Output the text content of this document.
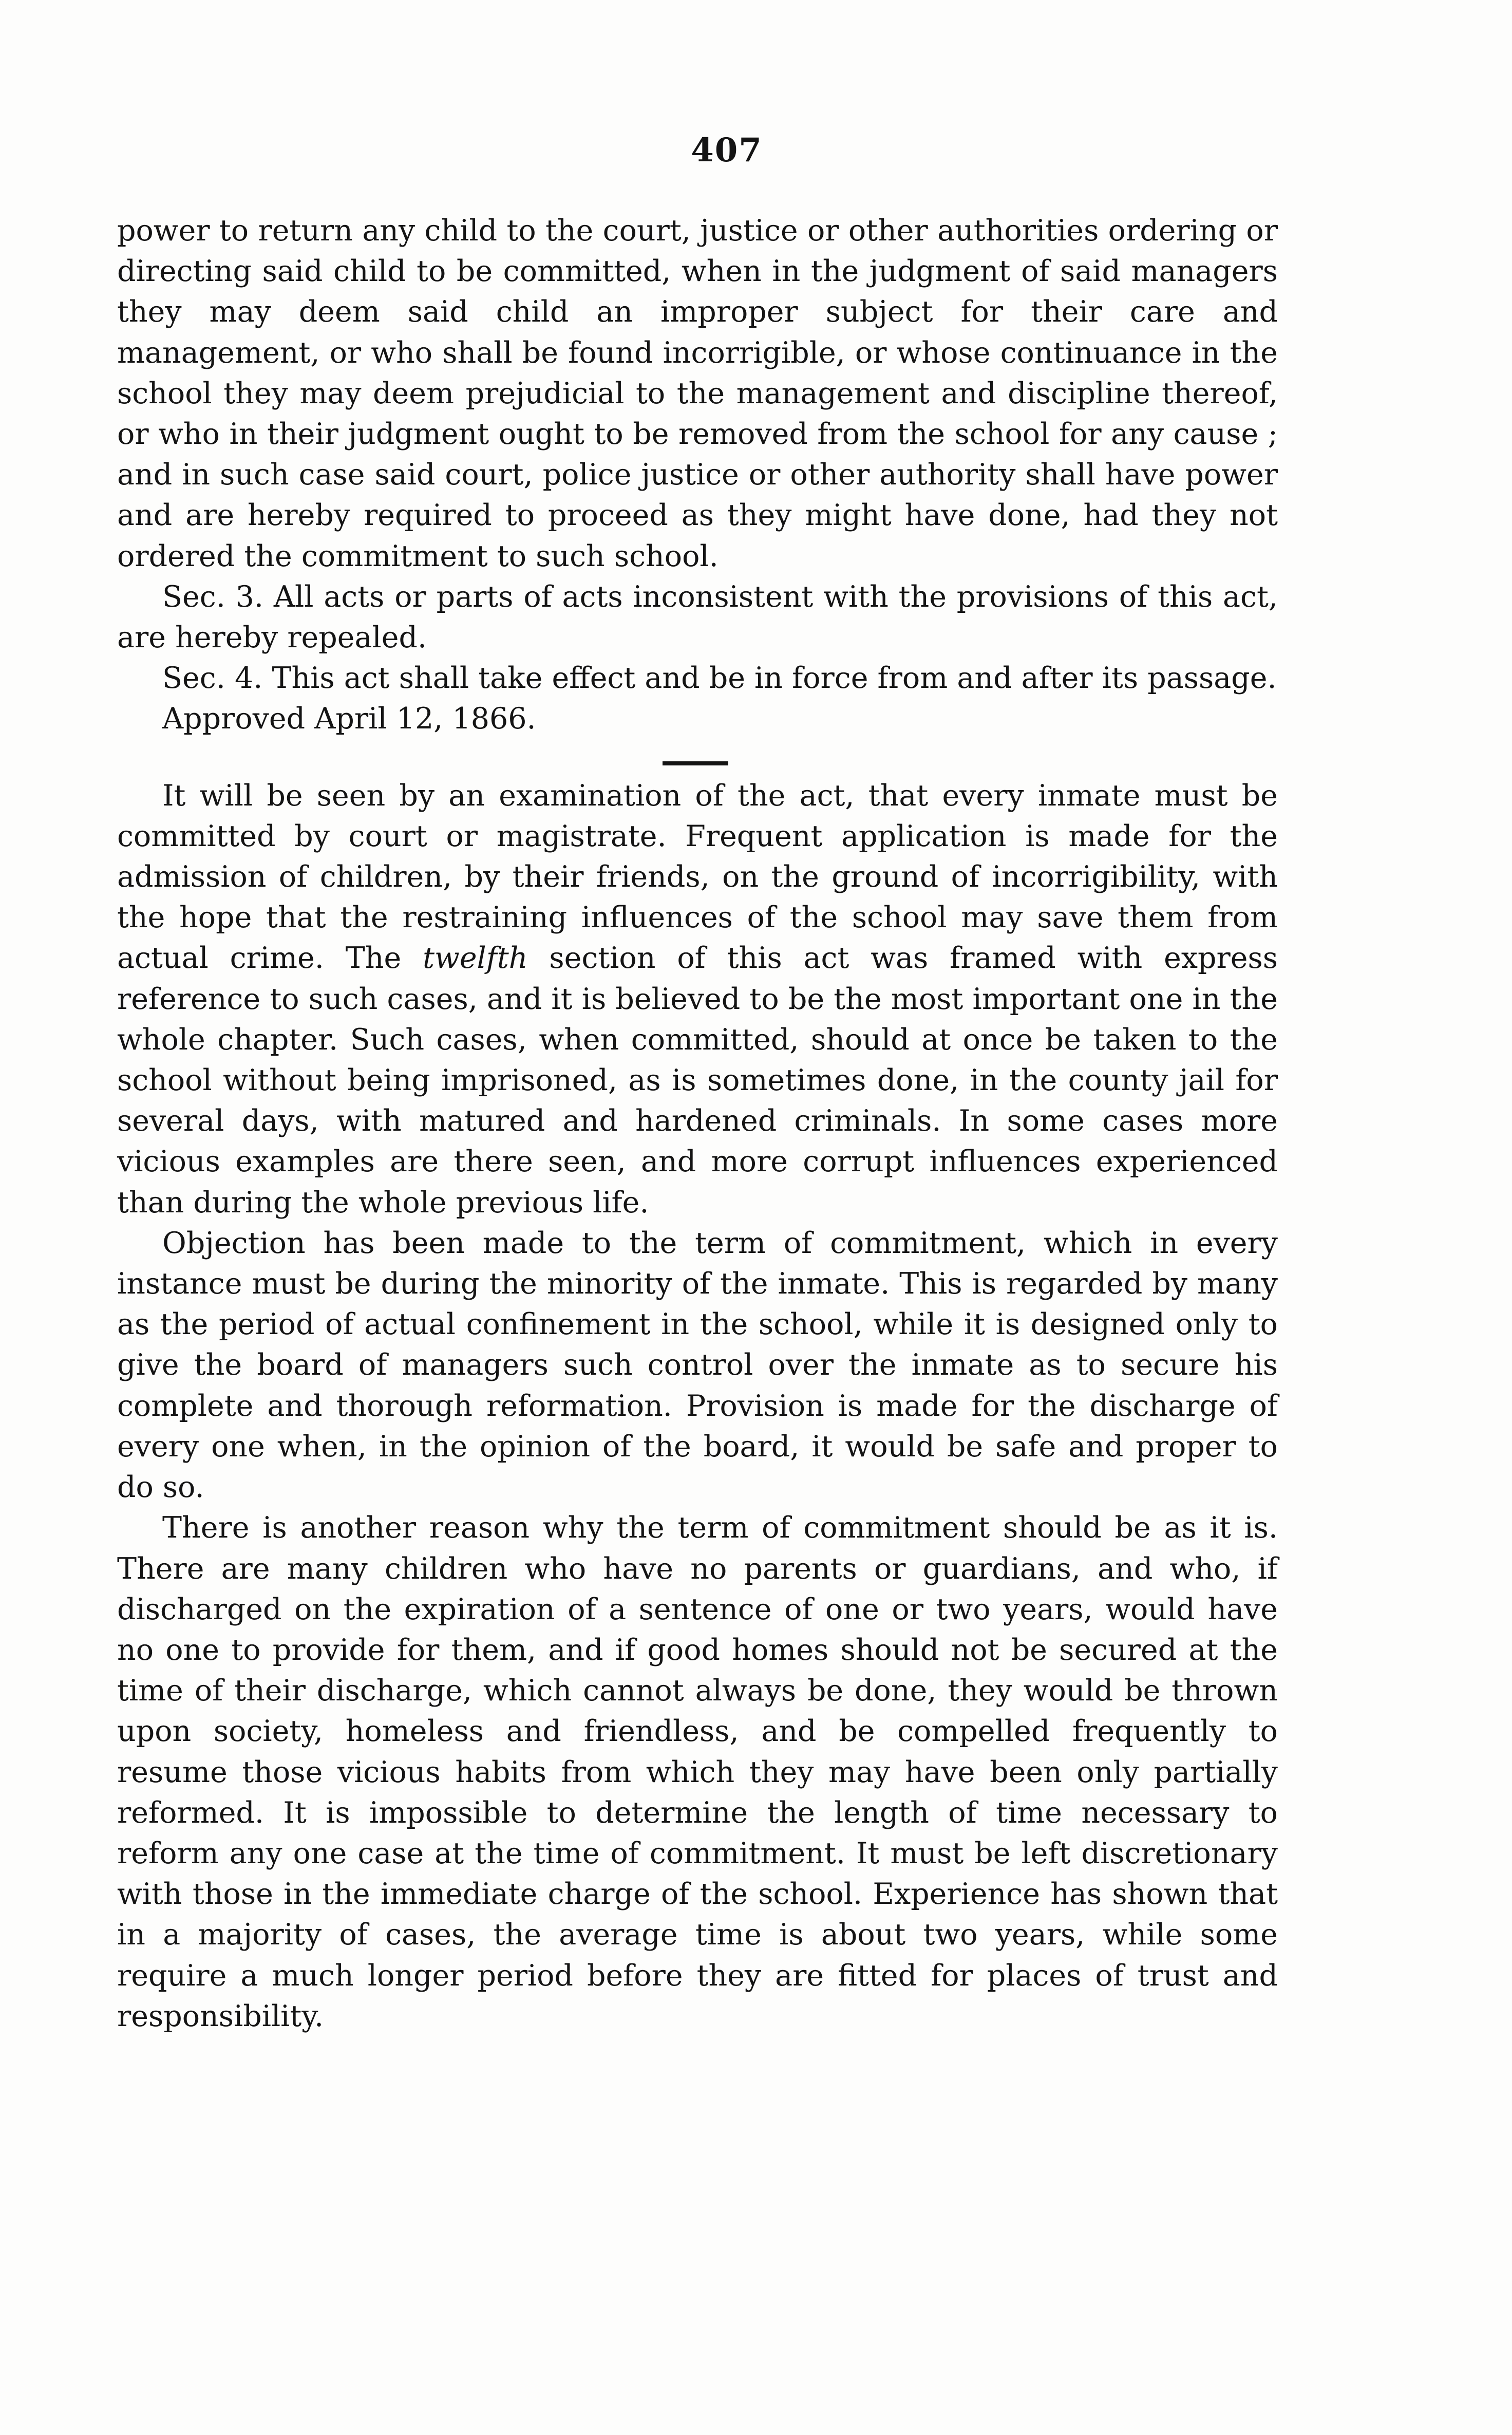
407

power to return any child to the court, justice or other authorities ordering or directing said child to be committed, when in the judgment of said managers they may deem said child an improper subject for their care and management, or who shall be found incorrigible, or whose continuance in the school they may deem prejudicial to the management and discipline thereof, or who in their judgment ought to be removed from the school for any cause ; and in such case said court, police justice or other authority shall have power and are hereby required to proceed as they might have done, had they not ordered the commitment to such school.

Sec. 3. All acts or parts of acts inconsistent with the provisions of this act, are hereby repealed.

Sec. 4. This act shall take effect and be in force from and after its passage.

Approved April 12, 1866.

It will be seen by an examination of the act, that every inmate must be committed by court or magistrate. Frequent application is made for the admission of children, by their friends, on the ground of incorrigibility, with the hope that the restraining influences of the school may save them from actual crime. The twelfth section of this act was framed with express reference to such cases, and it is believed to be the most important one in the whole chapter. Such cases, when committed, should at once be taken to the school without being imprisoned, as is sometimes done, in the county jail for several days, with matured and hardened criminals. In some cases more vicious examples are there seen, and more corrupt influences experienced than during the whole previous life.

Objection has been made to the term of commitment, which in every instance must be during the minority of the inmate. This is regarded by many as the period of actual confinement in the school, while it is designed only to give the board of managers such control over the inmate as to secure his complete and thorough reformation. Provision is made for the discharge of every one when, in the opinion of the board, it would be safe and proper to do so.

There is another reason why the term of commitment should be as it is. There are many children who have no parents or guardians, and who, if discharged on the expiration of a sentence of one or two years, would have no one to provide for them, and if good homes should not be secured at the time of their discharge, which cannot always be done, they would be thrown upon society, homeless and friendless, and be compelled frequently to resume those vicious habits from which they may have been only partially reformed. It is impossible to determine the length of time necessary to reform any one case at the time of commitment. It must be left discretionary with those in the immediate charge of the school. Experience has shown that in a majority of cases, the average time is about two years, while some require a much longer period before they are fitted for places of trust and responsibility.
